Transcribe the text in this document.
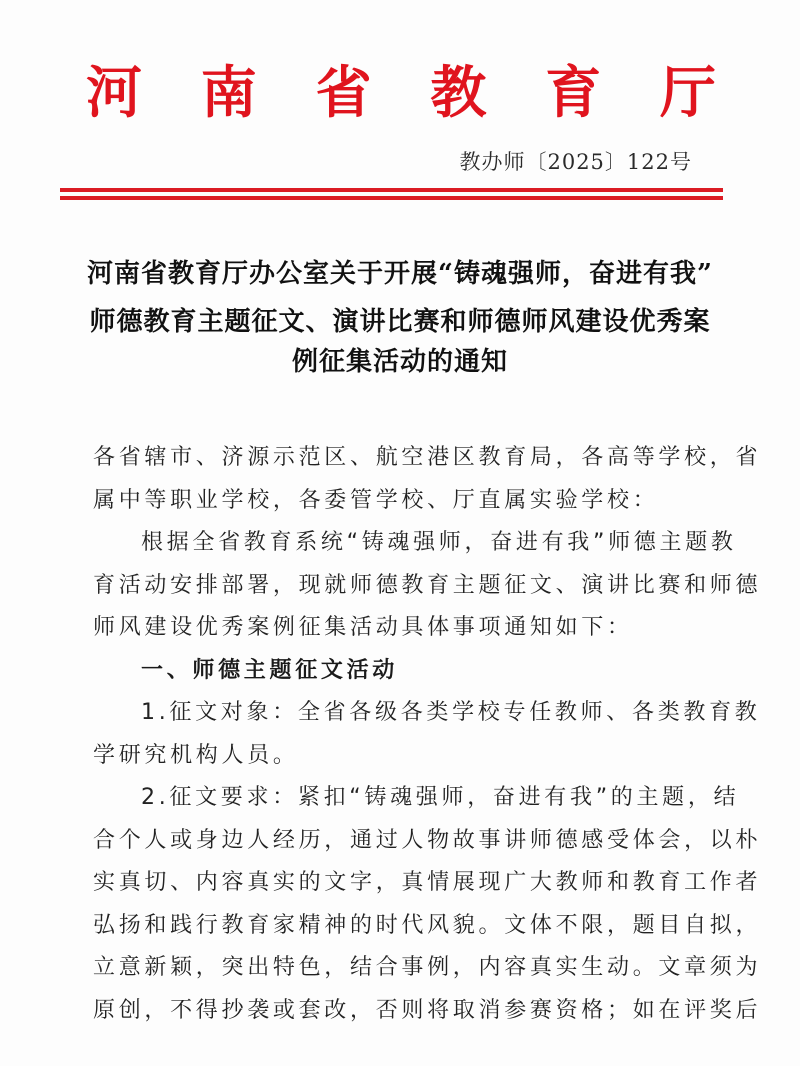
河 南 省 教 育 厅
教办师〔2025〕122号
河南省教育厅办公室关于开展“铸魂强师，奋进有我”
师德教育主题征文、演讲比赛和师德师风建设优秀案
例征集活动的通知
各省辖市、济源示范区、航空港区教育局，各高等学校，省
属中等职业学校，各委管学校、厅直属实验学校：
根据全省教育系统“铸魂强师，奋进有我”师德主题教
育活动安排部署，现就师德教育主题征文、演讲比赛和师德
师风建设优秀案例征集活动具体事项通知如下：
一、师德主题征文活动
1.征文对象：全省各级各类学校专任教师、各类教育教
学研究机构人员。
2.征文要求：紧扣“铸魂强师，奋进有我”的主题，结
合个人或身边人经历，通过人物故事讲师德感受体会，以朴
实真切、内容真实的文字，真情展现广大教师和教育工作者
弘扬和践行教育家精神的时代风貌。文体不限，题目自拟，
立意新颖，突出特色，结合事例，内容真实生动。文章须为
原创，不得抄袭或套改，否则将取消参赛资格；如在评奖后
